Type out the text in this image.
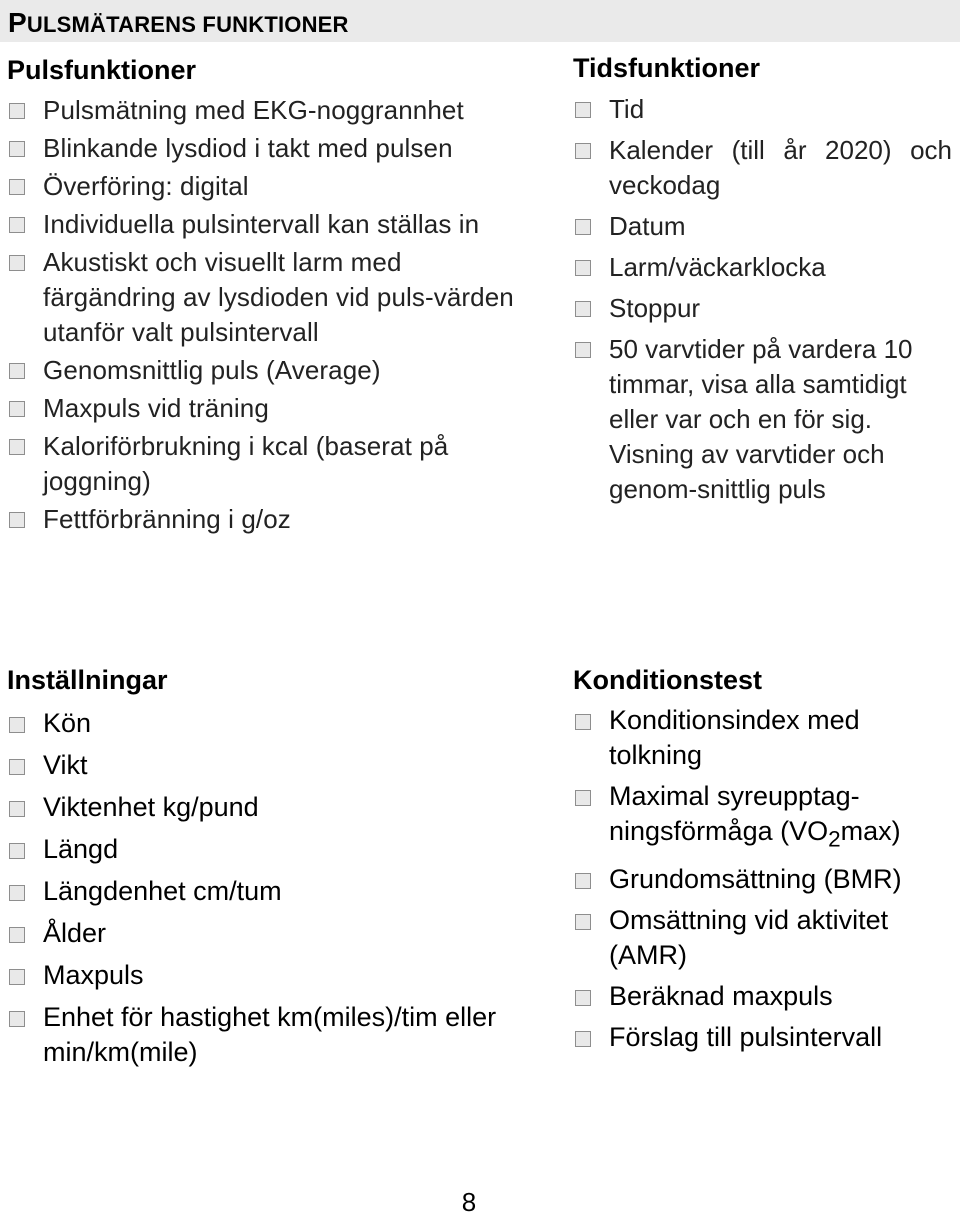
PULSMÄTARENS FUNKTIONER
Pulsfunktioner
Pulsmätning med EKG-noggrannhet
Blinkande lysdiod i takt med pulsen
Överföring: digital
Individuella pulsintervall kan ställas in
Akustiskt och visuellt larm med färgändring av lysdioden vid puls-värden utanför valt pulsintervall
Genomsnittlig puls (Average)
Maxpuls vid träning
Kaloriförbrukning i kcal (baserat på joggning)
Fettförbränning i g/oz
Tidsfunktioner
Tid
Kalender (till år 2020) och veckodag
Datum
Larm/väckarklocka
Stoppur
50 varvtider på vardera 10 timmar, visa alla samtidigt eller var och en för sig. Visning av varvtider och genom-snittlig puls
Inställningar
Kön
Vikt
Viktenhet kg/pund
Längd
Längdenhet cm/tum
Ålder
Maxpuls
Enhet för hastighet km(miles)/tim eller min/km(mile)
Konditionstest
Konditionsindex med tolkning
Maximal syreupptag-ningsförmåga $(VO_2\max)$
Grundomsättning (BMR)
Omsättning vid aktivitet (AMR)
Beräknad maxpuls
Förslag till pulsintervall
8
